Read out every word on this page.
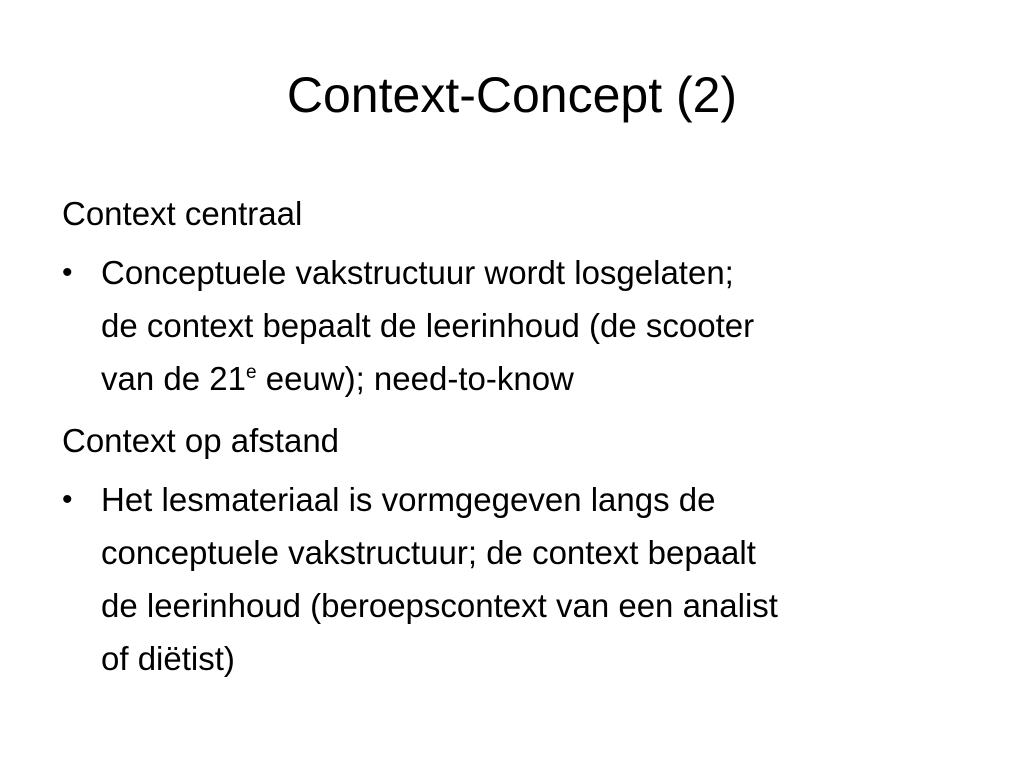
Context-Concept (2)

Context centraal

• Conceptuele vakstructuur wordt losgelaten;
de context bepaalt de leerinhoud (de scooter
van de 21e eeuw); need-to-know

Context op afstand

• Het lesmateriaal is vormgegeven langs de
conceptuele vakstructuur; de context bepaalt
de leerinhoud (beroepscontext van een analist
of diëtist)
